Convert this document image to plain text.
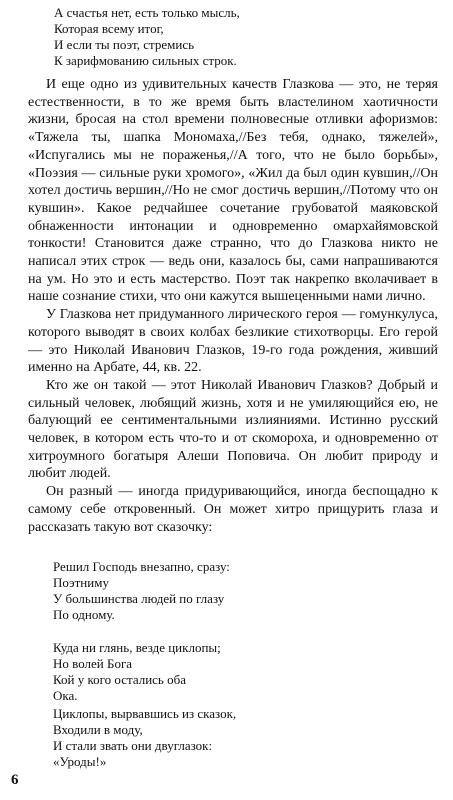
А счастья нет, есть только мысль,
Которая всему итог,
И если ты поэт, стремись
К зарифмованию сильных строк.

И еще одно из удивительных качеств Глазкова — это, не теряя естественности, в то же время быть властелином хаотичности жизни, бросая на стол времени полновесные отливки афоризмов: «Тяжела ты, шапка Мономаха,//Без тебя, однако, тяжелей», «Испугались мы не пораженья,//А того, что не было борьбы», «Поэзия — сильные руки хромого», «Жил да был один кувшин,//Он хотел достичь вершин,//Но не смог достичь вершин,//Потому что он кувшин». Какое редчайшее сочетание грубоватой маяковской обнаженности интонации и одновременно омархайямовской тонкости! Становится даже странно, что до Глазкова никто не написал этих строк — ведь они, казалось бы, сами напрашиваются на ум. Но это и есть мастерство. Поэт так накрепко вколачивает в наше сознание стихи, что они кажутся вышеценными нами лично.

У Глазкова нет придуманного лирического героя — гомункулуса, которого выводят в своих колбах безликие стихотворцы. Его герой — это Николай Иванович Глазков, 19-го года рождения, живший именно на Арбате, 44, кв. 22.

Кто же он такой — этот Николай Иванович Глазков? Добрый и сильный человек, любящий жизнь, хотя и не умиляющийся ею, не балующий ее сентиментальными излияниями. Истинно русский человек, в котором есть что-то и от скомороха, и одновременно от хитроумного богатыря Алеши Поповича. Он любит природу и любит людей.

Он разный — иногда придуривающийся, иногда беспощадно к самому себе откровенный. Он может хитро прищурить глаза и рассказать такую вот сказочку:

Решил Господь внезапно, сразу:
Поэтниму
У большинства людей по глазу
По одному.
Куда ни глянь, везде циклопы;
Но волей Бога
Кой у кого остались оба
Ока.
Циклопы, вырвавшись из сказок,
Входили в моду,
И стали звать они двуглазок:
«Уроды!»
6
